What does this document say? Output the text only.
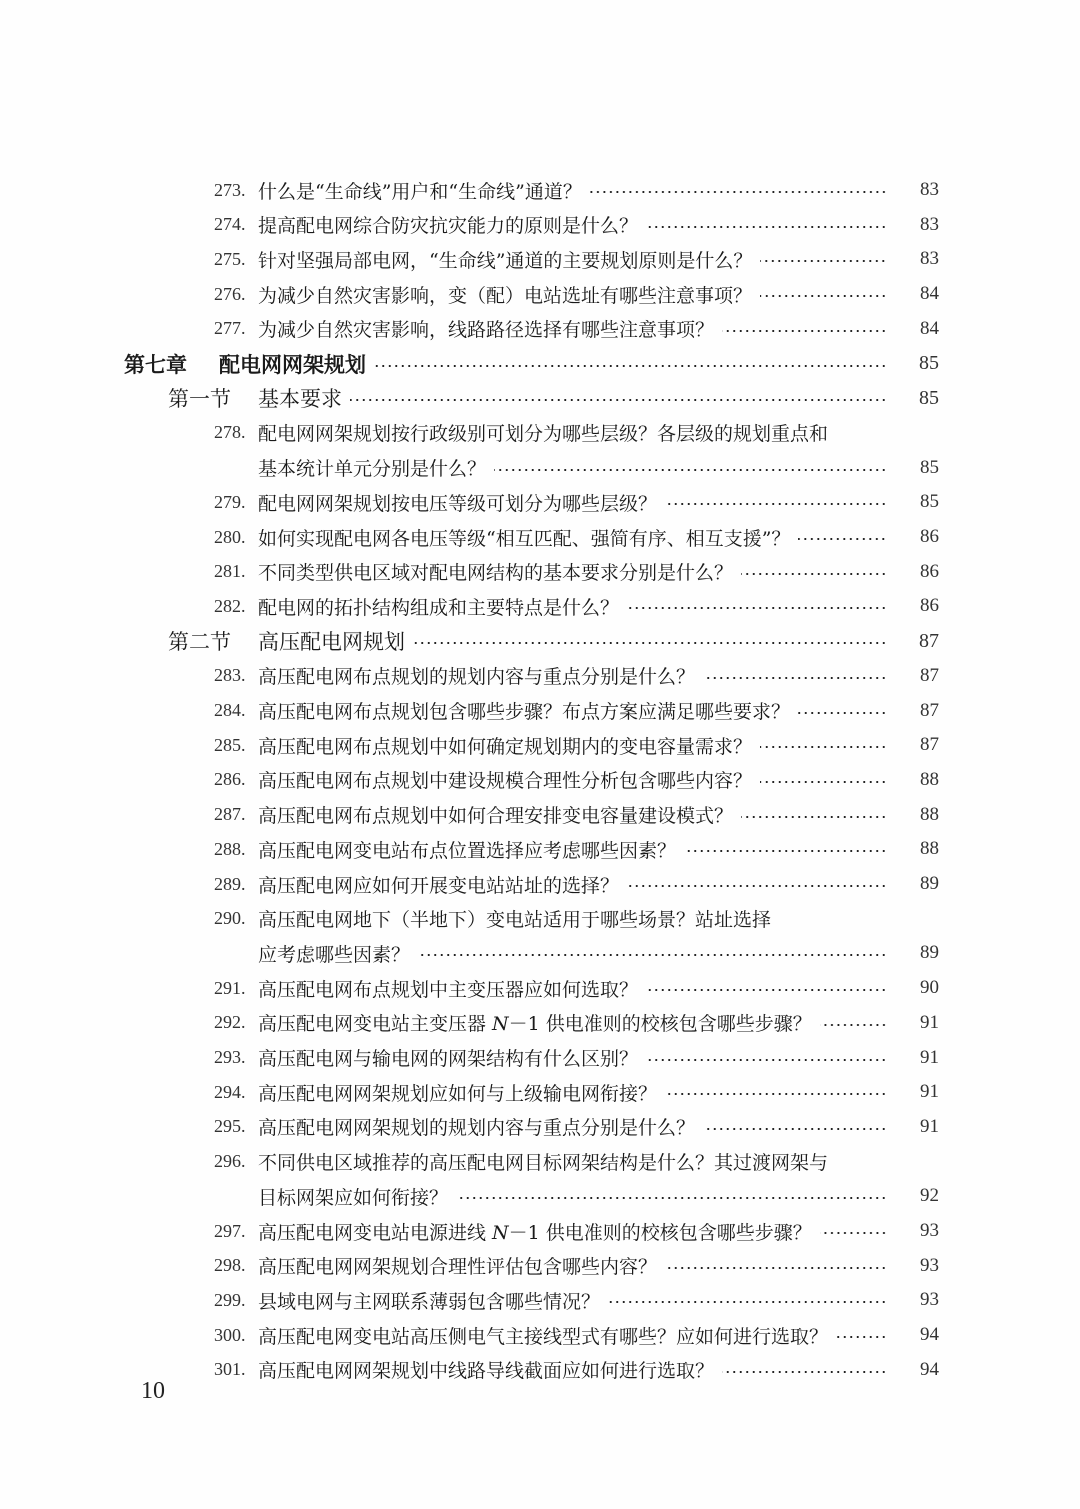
273. 什么是“生命线”用户和“生命线”通道？	83
274. 提高配电网综合防灾抗灾能力的原则是什么？	83
275. 针对坚强局部电网，“生命线”通道的主要规划原则是什么？	83
276. 为减少自然灾害影响，变（配）电站选址有哪些注意事项？	84
277. 为减少自然灾害影响，线路路径选择有哪些注意事项？	84
第七章 配电网网架规划	85
第一节 基本要求	85
278. 配电网网架规划按行政级别可划分为哪些层级？各层级的规划重点和
基本统计单元分别是什么？	85
279. 配电网网架规划按电压等级可划分为哪些层级？	85
280. 如何实现配电网各电压等级“相互匹配、强简有序、相互支援”？	86
281. 不同类型供电区域对配电网结构的基本要求分别是什么？	86
282. 配电网的拓扑结构组成和主要特点是什么？	86
第二节 高压配电网规划	87
283. 高压配电网布点规划的规划内容与重点分别是什么？	87
284. 高压配电网布点规划包含哪些步骤？布点方案应满足哪些要求？	87
285. 高压配电网布点规划中如何确定规划期内的变电容量需求？	87
286. 高压配电网布点规划中建设规模合理性分析包含哪些内容？	88
287. 高压配电网布点规划中如何合理安排变电容量建设模式？	88
288. 高压配电网变电站布点位置选择应考虑哪些因素？	88
289. 高压配电网应如何开展变电站站址的选择？	89
290. 高压配电网地下（半地下）变电站适用于哪些场景？站址选择
应考虑哪些因素？	89
291. 高压配电网布点规划中主变压器应如何选取？	90
292. 高压配电网变电站主变压器 N－1 供电准则的校核包含哪些步骤？	91
293. 高压配电网与输电网的网架结构有什么区别？	91
294. 高压配电网网架规划应如何与上级输电网衔接？	91
295. 高压配电网网架规划的规划内容与重点分别是什么？	91
296. 不同供电区域推荐的高压配电网目标网架结构是什么？其过渡网架与
目标网架应如何衔接？	92
297. 高压配电网变电站电源进线 N－1 供电准则的校核包含哪些步骤？	93
298. 高压配电网网架规划合理性评估包含哪些内容？	93
299. 县域电网与主网联系薄弱包含哪些情况？	93
300. 高压配电网变电站高压侧电气主接线型式有哪些？应如何进行选取？	94
301. 高压配电网网架规划中线路导线截面应如何进行选取？	94
10
